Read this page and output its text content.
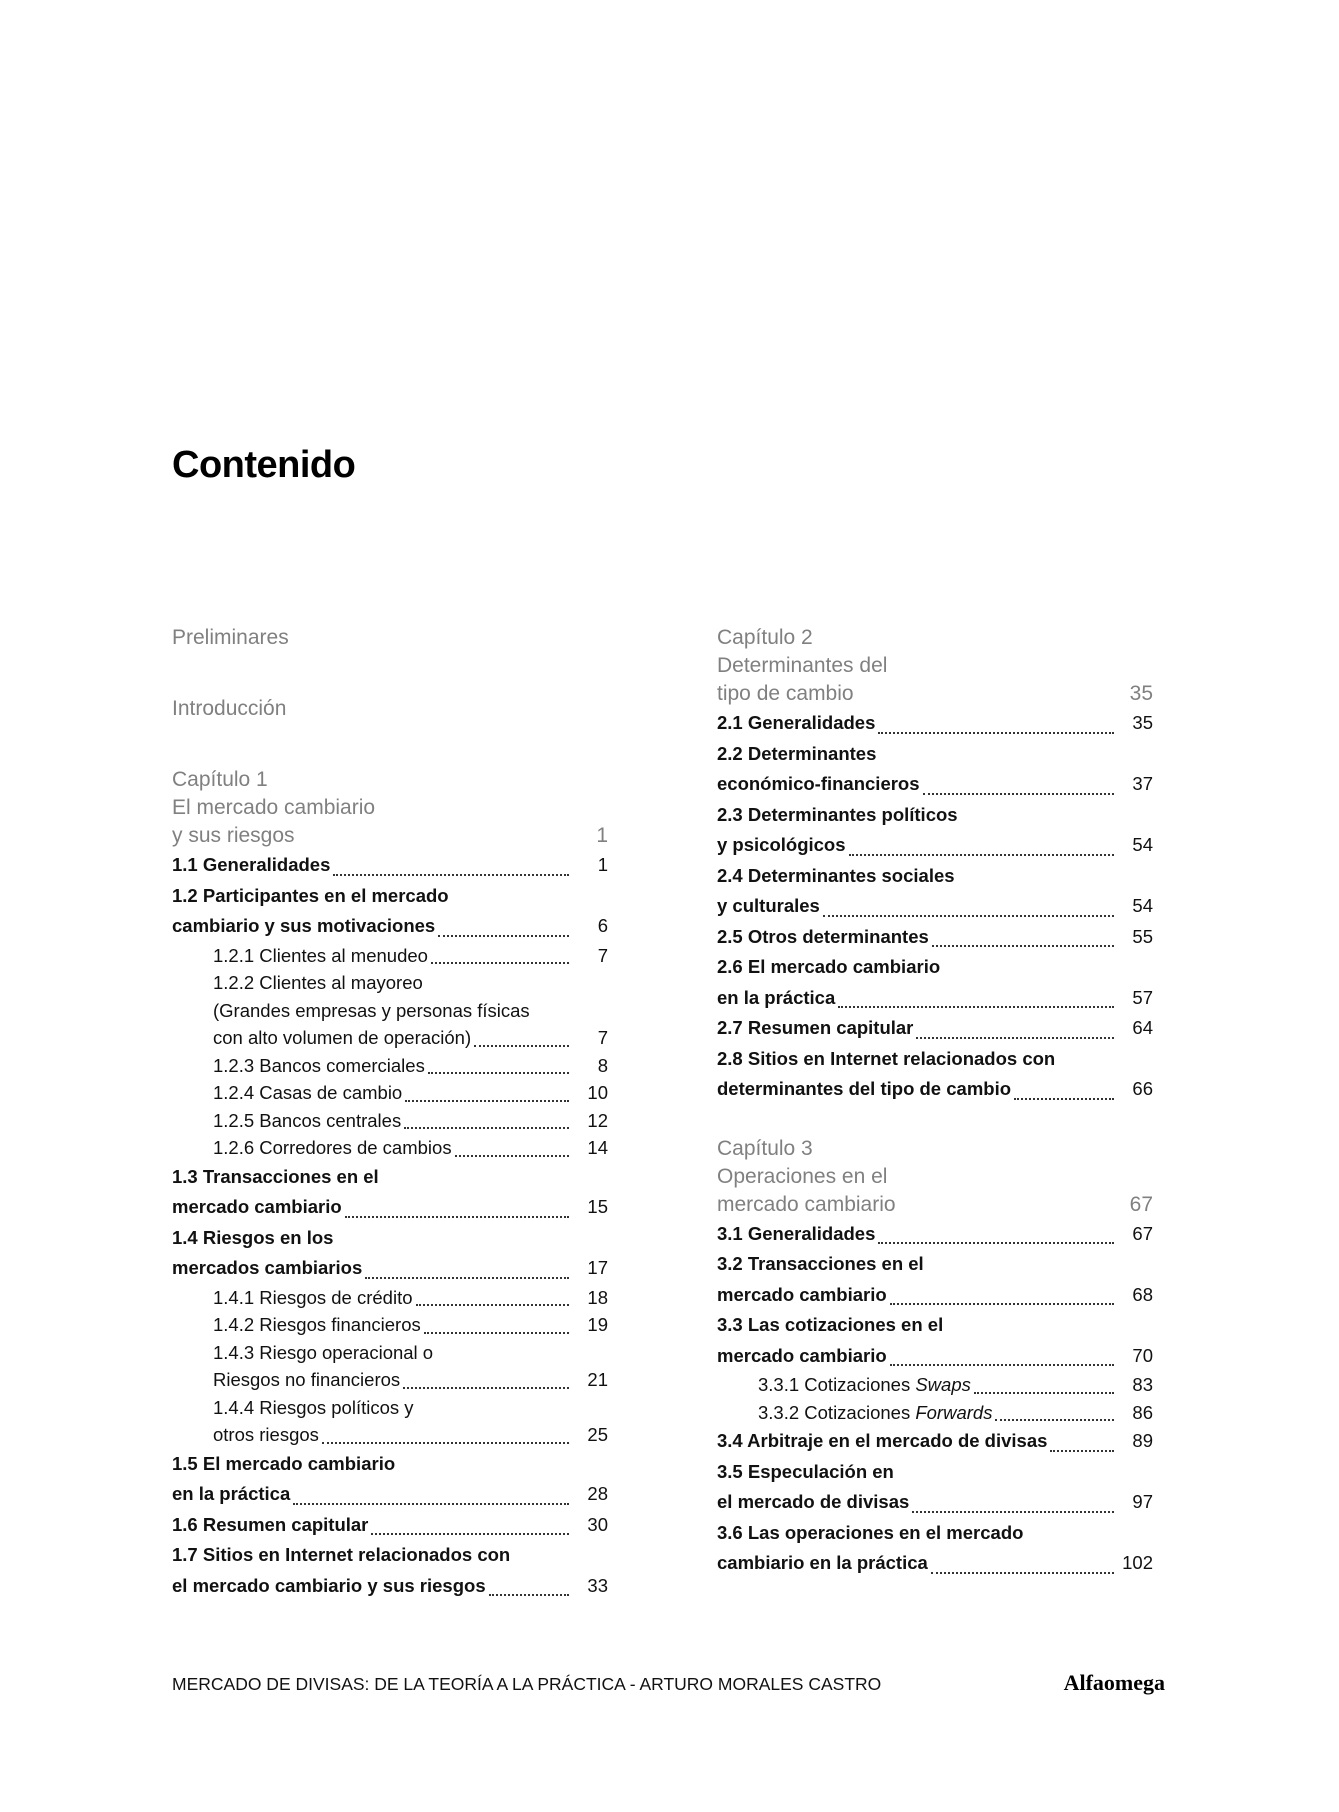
Contenido
Preliminares
Introducción
Capítulo 1
El mercado cambiario
y sus riesgos	1
1.1 Generalidades	1
1.2 Participantes en el mercado
cambiario y sus motivaciones	6
1.2.1 Clientes al menudeo	7
1.2.2 Clientes al mayoreo
(Grandes empresas y personas físicas
con alto volumen de operación)	7
1.2.3 Bancos comerciales	8
1.2.4 Casas de cambio	10
1.2.5 Bancos centrales	12
1.2.6 Corredores de cambios	14
1.3 Transacciones en el
mercado cambiario	15
1.4 Riesgos en los
mercados cambiarios	17
1.4.1 Riesgos de crédito	18
1.4.2 Riesgos financieros	19
1.4.3 Riesgo operacional o
Riesgos no financieros	21
1.4.4 Riesgos políticos y
otros riesgos	25
1.5 El mercado cambiario
en la práctica	28
1.6 Resumen capitular	30
1.7 Sitios en Internet relacionados con
el mercado cambiario y sus riesgos	33
Capítulo 2
Determinantes del
tipo de cambio	35
2.1 Generalidades	35
2.2 Determinantes
económico-financieros	37
2.3 Determinantes políticos
y psicológicos	54
2.4 Determinantes sociales
y culturales	54
2.5 Otros determinantes	55
2.6 El mercado cambiario
en la práctica	57
2.7 Resumen capitular	64
2.8 Sitios en Internet relacionados con
determinantes del tipo de cambio	66
Capítulo 3
Operaciones en el
mercado cambiario	67
3.1 Generalidades	67
3.2 Transacciones en el
mercado cambiario	68
3.3 Las cotizaciones en el
mercado cambiario	70
3.3.1 Cotizaciones Swaps	83
3.3.2 Cotizaciones Forwards	86
3.4 Arbitraje en el mercado de divisas	89
3.5 Especulación en
el mercado de divisas	97
3.6 Las operaciones en el mercado
cambiario en la práctica	102
MERCADO DE DIVISAS: DE LA TEORÍA A LA PRÁCTICA - ARTURO MORALES CASTRO	Alfaomega
